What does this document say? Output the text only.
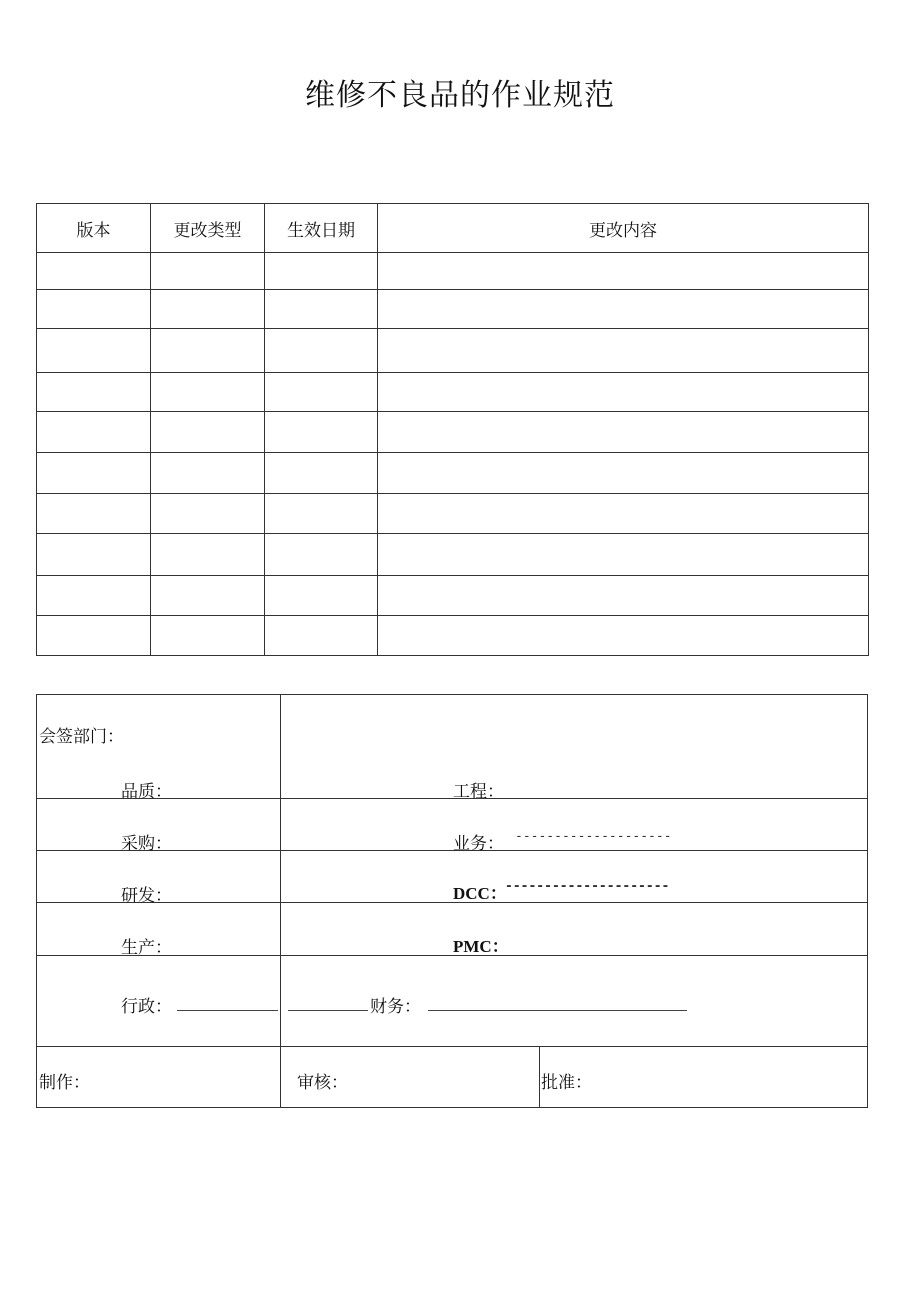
维修不良品的作业规范
版本	更改类型	生效日期	更改内容

会签部门：
品质：	工程：
采购：	业务： --------------------
研发：	DCC：
---------------------
生产：	PMC：
行政：	财务：
制作：	审核：	批准：
